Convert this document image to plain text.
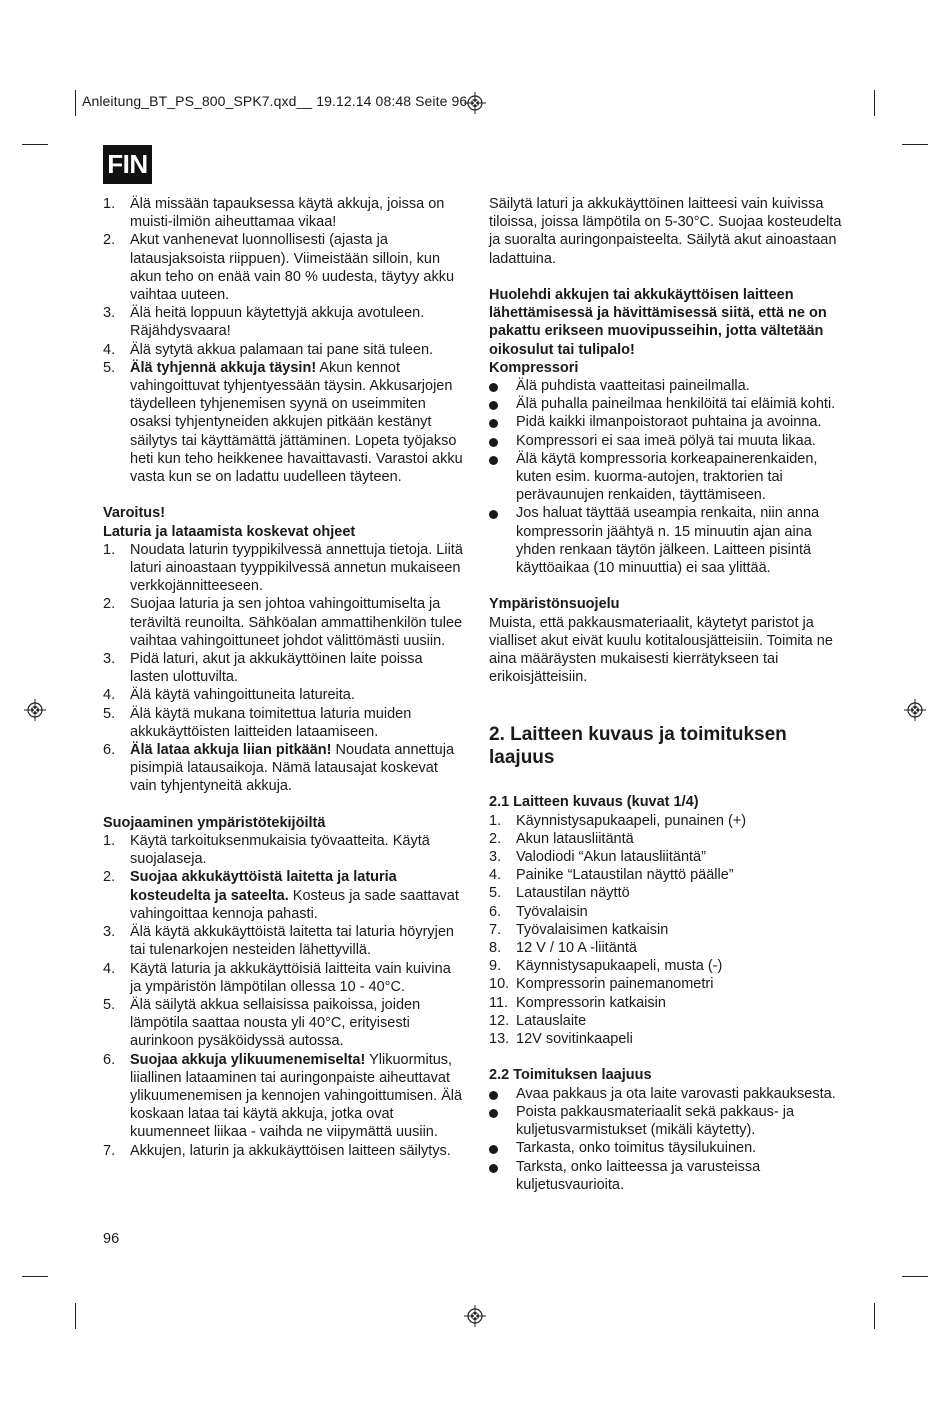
Anleitung_BT_PS_800_SPK7.qxd__ 19.12.14 08:48 Seite 96
FIN
1.	Älä missään tapauksessa käytä akkuja, joissa on muisti-ilmiön aiheuttamaa vikaa!
2.	Akut vanhenevat luonnollisesti (ajasta ja latausjaksoista riippuen). Viimeistään silloin, kun akun teho on enää vain 80 % uudesta, täytyy akku vaihtaa uuteen.
3.	Älä heitä loppuun käytettyjä akkuja avotuleen. Räjähdysvaara!
4.	Älä sytytä akkua palamaan tai pane sitä tuleen.
5.	Älä tyhjennä akkuja täysin! Akun kennot vahingoittuvat tyhjentyessään täysin. Akkusarjojen täydelleen tyhjenemisen syynä on useimmiten osaksi tyhjentyneiden akkujen pitkään kestänyt säilytys tai käyttämättä jättäminen. Lopeta työjakso heti kun teho heikkenee havaittavasti. Varastoi akku vasta kun se on ladattu uudelleen täyteen.

Varoitus!

Laturia ja lataamista koskevat ohjeet

1.	Noudata laturin tyyppikilvessä annettuja tietoja. Liitä laturi ainoastaan tyyppikilvessä annetun mukaiseen verkkojännitteeseen.
2.	Suojaa laturia ja sen johtoa vahingoittumiselta ja teräviltä reunoilta. Sähköalan ammattihenkilön tulee vaihtaa vahingoittuneet johdot välittömästi uusiin.
3.	Pidä laturi, akut ja akkukäyttöinen laite poissa lasten ulottuvilta.
4.	Älä käytä vahingoittuneita latureita.
5.	Älä käytä mukana toimitettua laturia muiden akkukäyttöisten laitteiden lataamiseen.
6.	Älä lataa akkuja liian pitkään! Noudata annettuja pisimpiä latausaikoja. Nämä latausajat koskevat vain tyhjentyneitä akkuja.

Suojaaminen ympäristötekijöiltä

1.	Käytä tarkoituksenmukaisia työvaatteita. Käytä suojalaseja.
2.	Suojaa akkukäyttöistä laitetta ja laturia kosteudelta ja sateelta. Kosteus ja sade saattavat vahingoittaa kennoja pahasti.
3.	Älä käytä akkukäyttöistä laitetta tai laturia höyryjen tai tulenarkojen nesteiden lähettyvillä.
4.	Käytä laturia ja akkukäyttöisiä laitteita vain kuivina ja ympäristön lämpötilan ollessa 10 - 40°C.
5.	Älä säilytä akkua sellaisissa paikoissa, joiden lämpötila saattaa nousta yli 40°C, erityisesti aurinkoon pysäköidyssä autossa.
6.	Suojaa akkuja ylikuumenemiselta! Ylikuormitus, liiallinen lataaminen tai auringonpaiste aiheuttavat ylikuumenemisen ja kennojen vahingoittumisen. Älä koskaan lataa tai käytä akkuja, jotka ovat kuumenneet liikaa - vaihda ne viipymättä uusiin.
7.	Akkujen, laturin ja akkukäyttöisen laitteen säilytys.

Säilytä laturi ja akkukäyttöinen laitteesi vain kuivissa tiloissa, joissa lämpötila on 5-30°C. Suojaa kosteudelta ja suoralta auringonpaisteelta. Säilytä akut ainoastaan ladattuina.

Huolehdi akkujen tai akkukäyttöisen laitteen lähettämisessä ja hävittämisessä siitä, että ne on pakattu erikseen muovipusseihin, jotta vältetään oikosulut tai tulipalo!

Kompressori

Älä puhdista vaatteitasi paineilmalla.
Älä puhalla paineilmaa henkilöitä tai eläimiä kohti.
Pidä kaikki ilmanpoistoraot puhtaina ja avoinna.
Kompressori ei saa imeä pölyä tai muuta likaa.
Älä käytä kompressoria korkeapainerenkaiden, kuten esim. kuorma-autojen, traktorien tai perävaunujen renkaiden, täyttämiseen.
Jos haluat täyttää useampia renkaita, niin anna kompressorin jäähtyä n. 15 minuutin ajan aina yhden renkaan täytön jälkeen. Laitteen pisintä käyttöaikaa (10 minuuttia) ei saa ylittää.

Ympäristönsuojelu

Muista, että pakkausmateriaalit, käytetyt paristot ja vialliset akut eivät kuulu kotitalousjätteisiin. Toimita ne aina määräysten mukaisesti kierrätykseen tai erikoisjätteisiin.

2. Laitteen kuvaus ja toimituksen laajuus

2.1 Laitteen kuvaus (kuvat 1/4)

1.	Käynnistysapukaapeli, punainen (+)
2.	Akun latausliitäntä
3.	Valodiodi “Akun latausliitäntä”
4.	Painike “Lataustilan näyttö päälle”
5.	Lataustilan näyttö
6.	Työvalaisin
7.	Työvalaisimen katkaisin
8.	12 V / 10 A -liitäntä
9.	Käynnistysapukaapeli, musta (-)
10. Kompressorin painemanometri
11. Kompressorin katkaisin
12. Latauslaite
13. 12V sovitinkaapeli

2.2 Toimituksen laajuus

Avaa pakkaus ja ota laite varovasti pakkauksesta.
Poista pakkausmateriaalit sekä pakkaus- ja kuljetusvarmistukset (mikäli käytetty).
Tarkasta, onko toimitus täysilukuinen.
Tarksta, onko laitteessa ja varusteissa kuljetusvaurioita.
96
